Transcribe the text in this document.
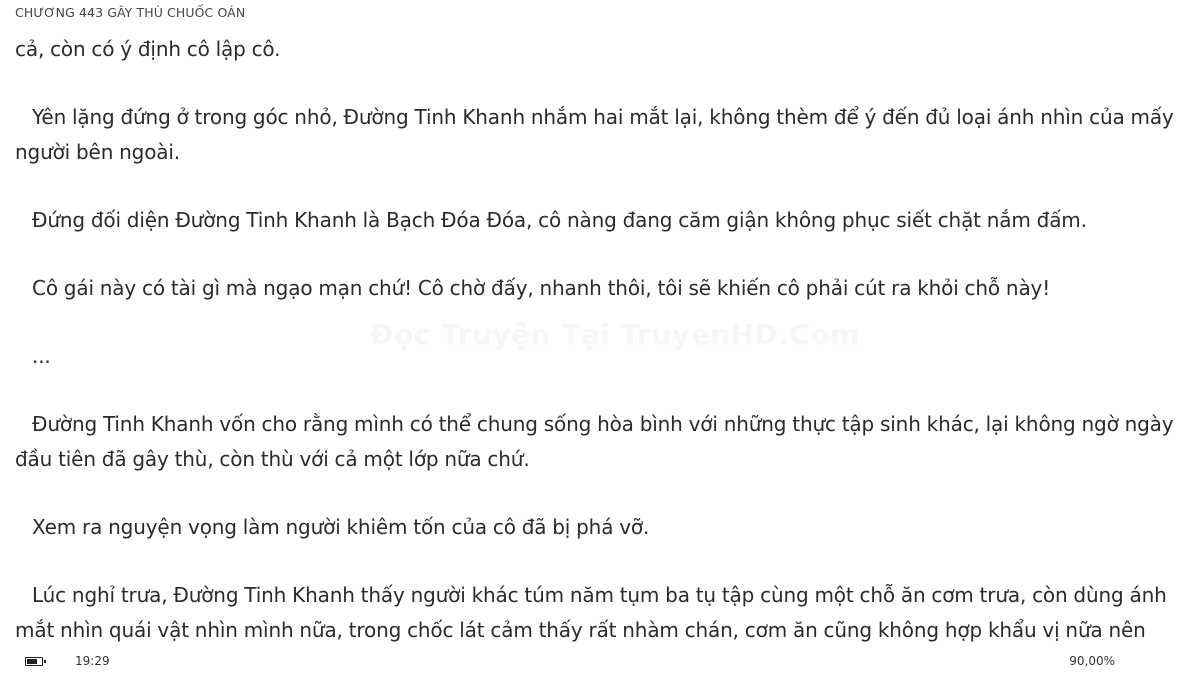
CHƯƠNG 443 GÂY THÙ CHUỐC OÁN
Đọc Truyện Tại TruyenHD.Com

cả, còn có ý định cô lập cô.

Yên lặng đứng ở trong góc nhỏ, Đường Tinh Khanh nhắm hai mắt lại, không thèm để ý đến đủ loại ánh nhìn của mấy người bên ngoài.

Đứng đối diện Đường Tinh Khanh là Bạch Đóa Đóa, cô nàng đang căm giận không phục siết chặt nắm đấm.

Cô gái này có tài gì mà ngạo mạn chứ! Cô chờ đấy, nhanh thôi, tôi sẽ khiến cô phải cút ra khỏi chỗ này!

...

Đường Tinh Khanh vốn cho rằng mình có thể chung sống hòa bình với những thực tập sinh khác, lại không ngờ ngày đầu tiên đã gây thù, còn thù với cả một lớp nữa chứ.

Xem ra nguyện vọng làm người khiêm tốn của cô đã bị phá vỡ.

Lúc nghỉ trưa, Đường Tinh Khanh thấy người khác túm năm tụm ba tụ tập cùng một chỗ ăn cơm trưa, còn dùng ánh mắt nhìn quái vật nhìn mình nữa, trong chốc lát cảm thấy rất nhàm chán, cơm ăn cũng không hợp khẩu vị nữa nên

19:29	90,00%
